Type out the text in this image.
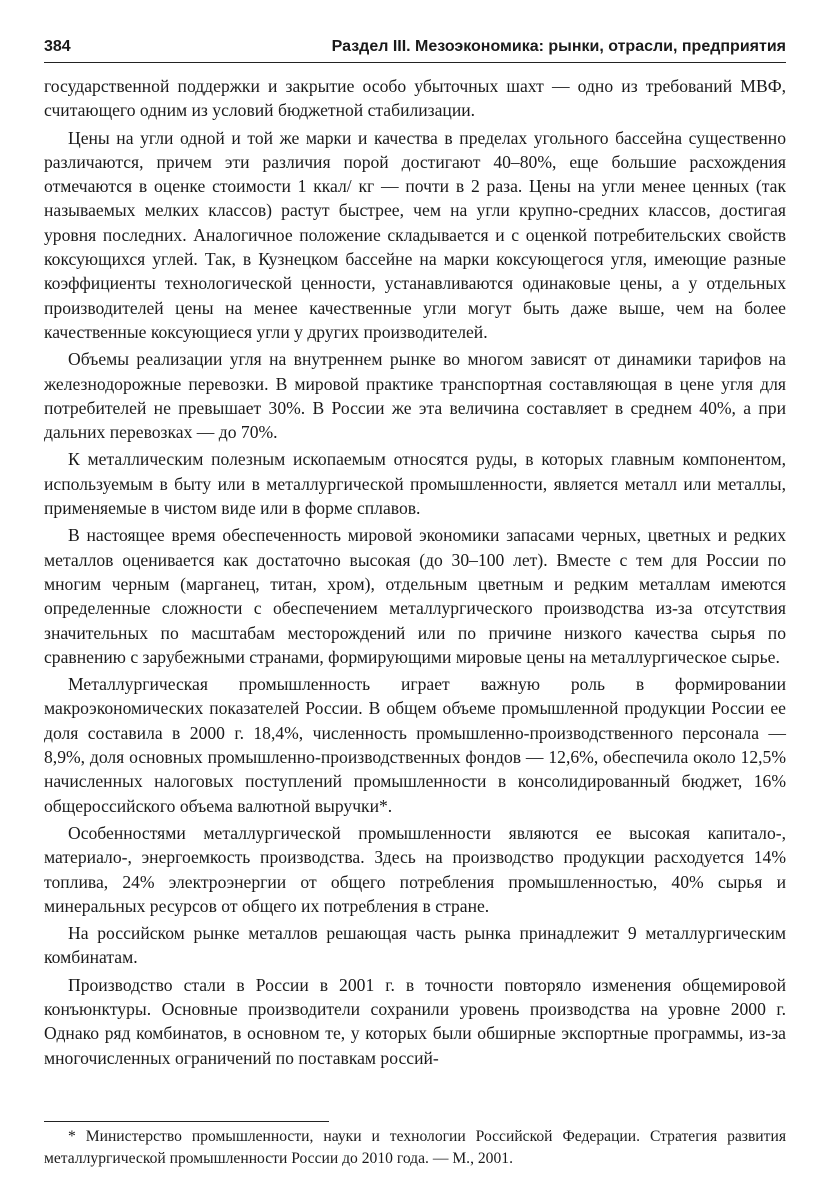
384	Раздел III. Мезоэкономика: рынки, отрасли, предприятия

государственной поддержки и закрытие особо убыточных шахт — одно из требований МВФ, считающего одним из условий бюджетной стабилизации.

Цены на угли одной и той же марки и качества в пределах угольного бассейна существенно различаются, причем эти различия порой достигают 40–80%, еще большие расхождения отмечаются в оценке стоимости 1 ккал/ кг — почти в 2 раза. Цены на угли менее ценных (так называемых мелких классов) растут быстрее, чем на угли крупно-средних классов, достигая уровня последних. Аналогичное положение складывается и с оценкой потребительских свойств коксующихся углей. Так, в Кузнецком бассейне на марки коксующегося угля, имеющие разные коэффициенты технологической ценности, устанавливаются одинаковые цены, а у отдельных производителей цены на менее качественные угли могут быть даже выше, чем на более качественные коксующиеся угли у других производителей.

Объемы реализации угля на внутреннем рынке во многом зависят от динамики тарифов на железнодорожные перевозки. В мировой практике транспортная составляющая в цене угля для потребителей не превышает 30%. В России же эта величина составляет в среднем 40%, а при дальних перевозках — до 70%.

К металлическим полезным ископаемым относятся руды, в которых главным компонентом, используемым в быту или в металлургической промышленности, является металл или металлы, применяемые в чистом виде или в форме сплавов.

В настоящее время обеспеченность мировой экономики запасами черных, цветных и редких металлов оценивается как достаточно высокая (до 30–100 лет). Вместе с тем для России по многим черным (марганец, титан, хром), отдельным цветным и редким металлам имеются определенные сложности с обеспечением металлургического производства из-за отсутствия значительных по масштабам месторождений или по причине низкого качества сырья по сравнению с зарубежными странами, формирующими мировые цены на металлургическое сырье.

Металлургическая промышленность играет важную роль в формировании макроэкономических показателей России. В общем объеме промышленной продукции России ее доля составила в 2000 г. 18,4%, численность промышленно-производственного персонала — 8,9%, доля основных промышленно-производственных фондов — 12,6%, обеспечила около 12,5% начисленных налоговых поступлений промышленности в консолидированный бюджет, 16% общероссийского объема валютной выручки*.

Особенностями металлургической промышленности являются ее высокая капитало-, материало-, энергоемкость производства. Здесь на производство продукции расходуется 14% топлива, 24% электроэнергии от общего потребления промышленностью, 40% сырья и минеральных ресурсов от общего их потребления в стране.

На российском рынке металлов решающая часть рынка принадлежит 9 металлургическим комбинатам.

Производство стали в России в 2001 г. в точности повторяло изменения общемировой конъюнктуры. Основные производители сохранили уровень производства на уровне 2000 г. Однако ряд комбинатов, в основном те, у которых были обширные экспортные программы, из-за многочисленных ограничений по поставкам россий-

* Министерство промышленности, науки и технологии Российской Федерации. Стратегия развития металлургической промышленности России до 2010 года. — М., 2001.
